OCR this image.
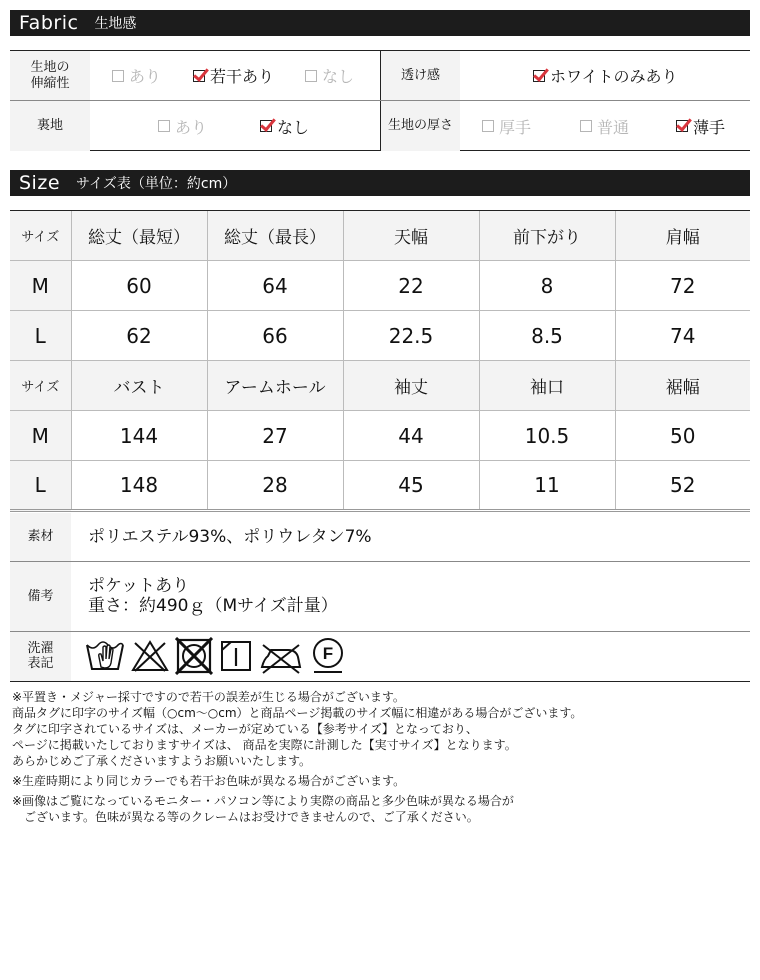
Fabric 生地感
生地の伸縮性	あり	若干あり	なし	透け感	ホワイトのみあり
裏地	あり	なし	生地の厚さ	厚手	普通	薄手
Size サイズ表（単位：約cm）
サイズ	総丈（最短）	総丈（最長）	天幅	前下がり	肩幅
M	60	64	22	8	72
L	62	66	22.5	8.5	74
サイズ	バスト	アームホール	袖丈	袖口	裾幅
M	144	27	44	10.5	50
L	148	28	45	11	52
素材	ポリエステル93%、ポリウレタン7%
備考	ポケットあり
重さ：約490ｇ（Mサイズ計量）

洗濯表記	F
※平置き・メジャー採寸ですので若干の誤差が生じる場合がございます。
商品タグに印字のサイズ幅（○cm〜○cm）と商品ページ掲載のサイズ幅に相違がある場合がございます。
タグに印字されているサイズは、メーカーが定めている【参考サイズ】となっており、
ページに掲載いたしておりますサイズは、 商品を実際に計測した【実寸サイズ】となります。
あらかじめご了承くださいますようお願いいたします。
※生産時期により同じカラーでも若干お色味が異なる場合がございます。
※画像はご覧になっているモニター・パソコン等により実際の商品と多少色味が異なる場合が
ございます。色味が異なる等のクレームはお受けできませんので、ご了承ください。
